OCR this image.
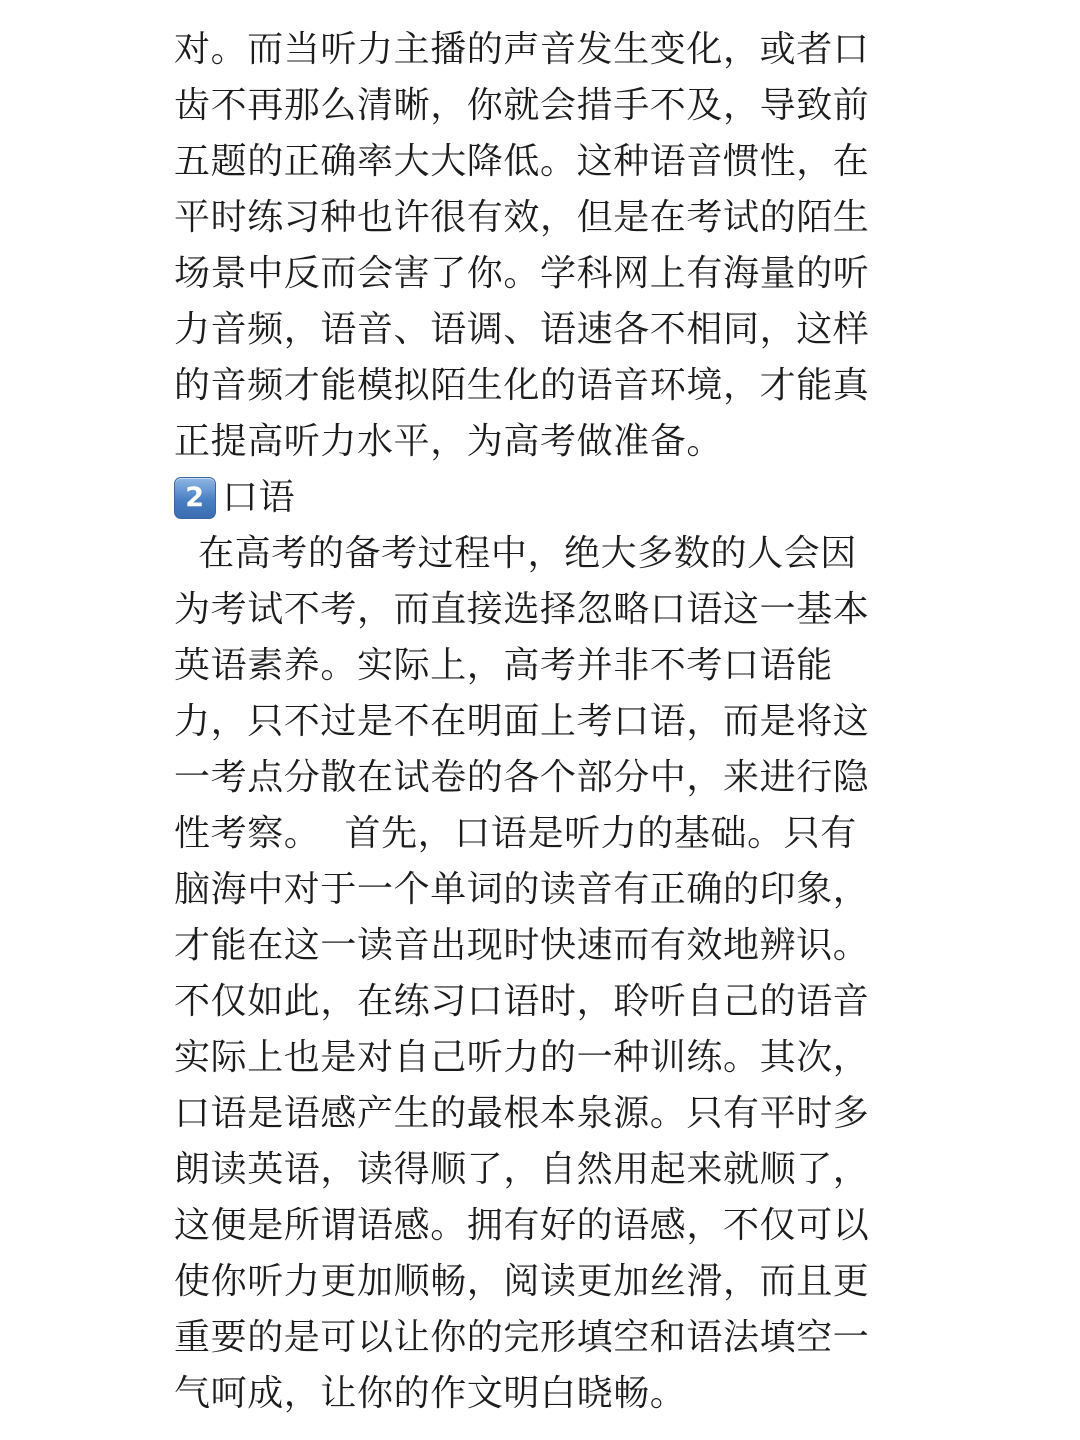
对。而当听力主播的声音发生变化，或者口
齿不再那么清晰，你就会措手不及，导致前
五题的正确率大大降低。这种语音惯性，在
平时练习种也许很有效，但是在考试的陌生
场景中反而会害了你。学科网上有海量的听
力音频，语音、语调、语速各不相同，这样
的音频才能模拟陌生化的语音环境，才能真
正提高听力水平，为高考做准备。
2 口语
在高考的备考过程中，绝大多数的人会因
为考试不考，而直接选择忽略口语这一基本
英语素养。实际上，高考并非不考口语能
力，只不过是不在明面上考口语，而是将这
一考点分散在试卷的各个部分中，来进行隐
性考察。  首先，口语是听力的基础。只有
脑海中对于一个单词的读音有正确的印象，
才能在这一读音出现时快速而有效地辨识。
不仅如此，在练习口语时，聆听自己的语音
实际上也是对自己听力的一种训练。其次，
口语是语感产生的最根本泉源。只有平时多
朗读英语，读得顺了，自然用起来就顺了，
这便是所谓语感。拥有好的语感，不仅可以
使你听力更加顺畅，阅读更加丝滑，而且更
重要的是可以让你的完形填空和语法填空一
气呵成，让你的作文明白晓畅。
